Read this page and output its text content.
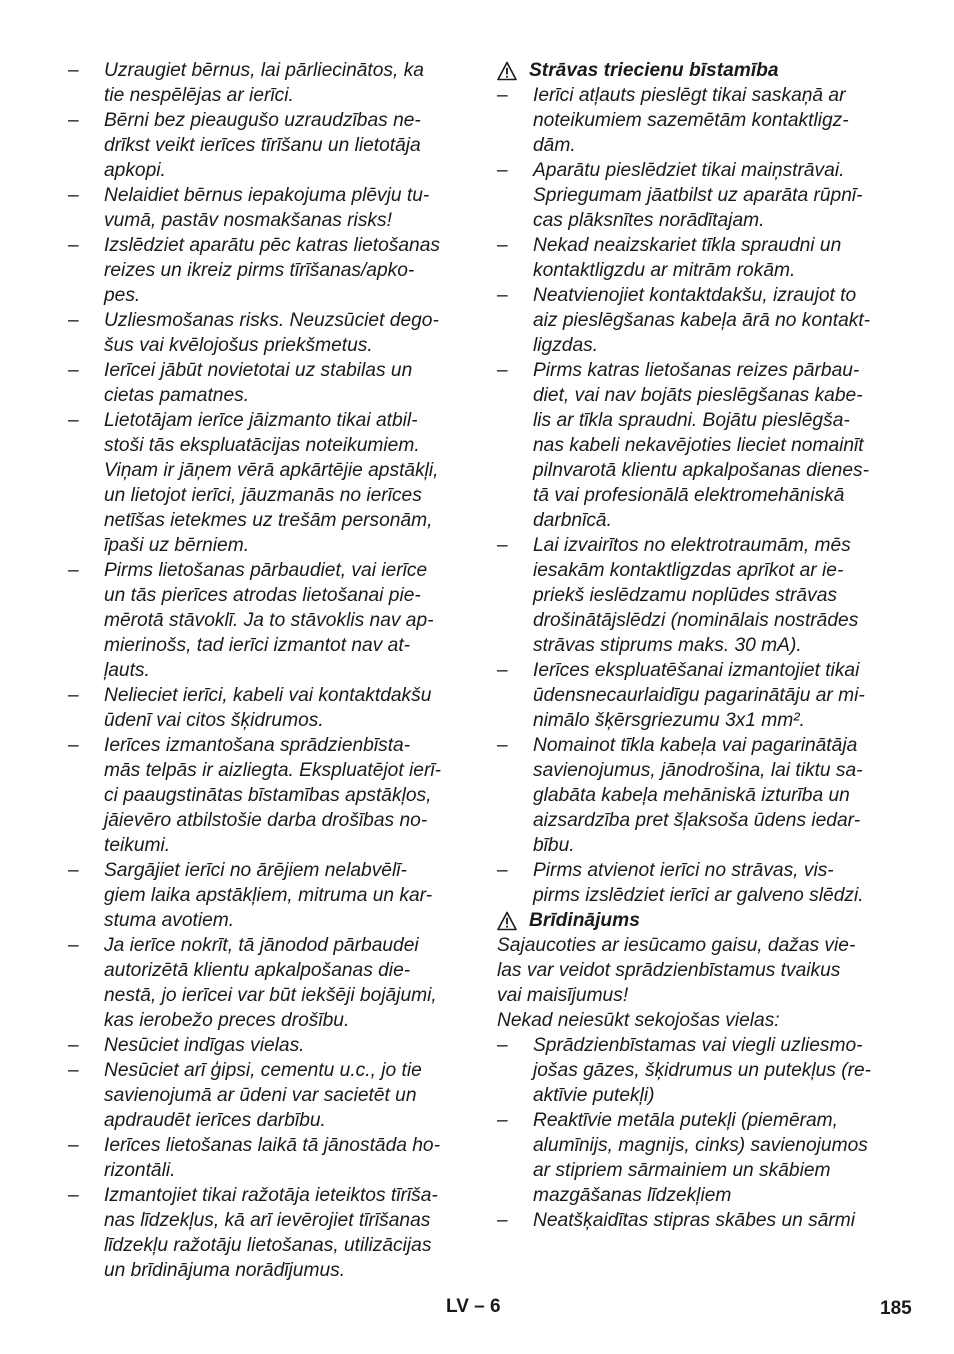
– Uzraugiet bērnus, lai pārliecinātos, ka
tie nespēlējas ar ierīci.
– Bērni bez pieaugušo uzraudzības ne-
drīkst veikt ierīces tīrīšanu un lietotāja
apkopi.
– Nelaidiet bērnus iepakojuma plēvju tu-
vumā, pastāv nosmakšanas risks!
– Izslēdziet aparātu pēc katras lietošanas
reizes un ikreiz pirms tīrīšanas/apko-
pes.
– Uzliesmošanas risks. Neuzsūciet dego-
šus vai kvēlojošus priekšmetus.
– Ierīcei jābūt novietotai uz stabilas un
cietas pamatnes.
– Lietotājam ierīce jāizmanto tikai atbil-
stoši tās ekspluatācijas noteikumiem.
Viņam ir jāņem vērā apkārtējie apstākļi,
un lietojot ierīci, jāuzmanās no ierīces
netīšas ietekmes uz trešām personām,
īpaši uz bērniem.
– Pirms lietošanas pārbaudiet, vai ierīce
un tās pierīces atrodas lietošanai pie-
mērotā stāvoklī. Ja to stāvoklis nav ap-
mierinošs, tad ierīci izmantot nav at-
ļauts.
– Nelieciet ierīci, kabeli vai kontaktdakšu
ūdenī vai citos šķidrumos.
– Ierīces izmantošana sprādzienbīsta-
mās telpās ir aizliegta. Ekspluatējot ierī-
ci paaugstinātas bīstamības apstākļos,
jāievēro atbilstošie darba drošības no-
teikumi.
– Sargājiet ierīci no ārējiem nelabvēlī-
giem laika apstākļiem, mitruma un kar-
stuma avotiem.
– Ja ierīce nokrīt, tā jānodod pārbaudei
autorizētā klientu apkalpošanas die-
nestā, jo ierīcei var būt iekšēji bojājumi,
kas ierobežo preces drošību.
– Nesūciet indīgas vielas.
– Nesūciet arī ģipsi, cementu u.c., jo tie
savienojumā ar ūdeni var sacietēt un
apdraudēt ierīces darbību.
– Ierīces lietošanas laikā tā jānostāda ho-
rizontāli.
– Izmantojiet tikai ražotāja ieteiktos tīrīša-
nas līdzekļus, kā arī ievērojiet tīrīšanas
līdzekļu ražotāju lietošanas, utilizācijas
un brīdinājuma norādījumus.
Strāvas triecienu bīstamība
– Ierīci atļauts pieslēgt tikai saskaņā ar
noteikumiem sazemētām kontaktligz-
dām.
– Aparātu pieslēdziet tikai maiņstrāvai.
Spriegumam jāatbilst uz aparāta rūpnī-
cas plāksnītes norādītajam.
– Nekad neaizskariet tīkla spraudni un
kontaktligzdu ar mitrām rokām.
– Neatvienojiet kontaktdakšu, izraujot to
aiz pieslēgšanas kabeļa ārā no kontakt-
ligzdas.
– Pirms katras lietošanas reizes pārbau-
diet, vai nav bojāts pieslēgšanas kabe-
lis ar tīkla spraudni. Bojātu pieslēgša-
nas kabeli nekavējoties lieciet nomainīt
pilnvarotā klientu apkalpošanas dienes-
tā vai profesionālā elektromehāniskā
darbnīcā.
– Lai izvairītos no elektrotraumām, mēs
iesakām kontaktligzdas aprīkot ar ie-
priekš ieslēdzamu noplūdes strāvas
drošinātājslēdzi (nominālais nostrādes
strāvas stiprums maks. 30 mA).
– Ierīces ekspluatēšanai izmantojiet tikai
ūdensnecaurlaidīgu pagarinātāju ar mi-
nimālo šķērsgriezumu 3x1 mm².
– Nomainot tīkla kabeļa vai pagarinātāja
savienojumus, jānodrošina, lai tiktu sa-
glabāta kabeļa mehāniskā izturība un
aizsardzība pret šļaksoša ūdens iedar-
bību.
– Pirms atvienot ierīci no strāvas, vis-
pirms izslēdziet ierīci ar galveno slēdzi.
Brīdinājums

Sajaucoties ar iesūcamo gaisu, dažas vie-
las var veidot sprādzienbīstamus tvaikus
vai maisījumus!
Nekad neiesūkt sekojošas vielas:

– Sprādzienbīstamas vai viegli uzliesmo-
jošas gāzes, šķidrumus un putekļus (re-
aktīvie putekļi)
– Reaktīvie metāla putekļi (piemēram,
alumīnijs, magnijs, cinks) savienojumos
ar stipriem sārmainiem un skābiem
mazgāšanas līdzekļiem
– Neatšķaidītas stipras skābes un sārmi
LV – 6	185
